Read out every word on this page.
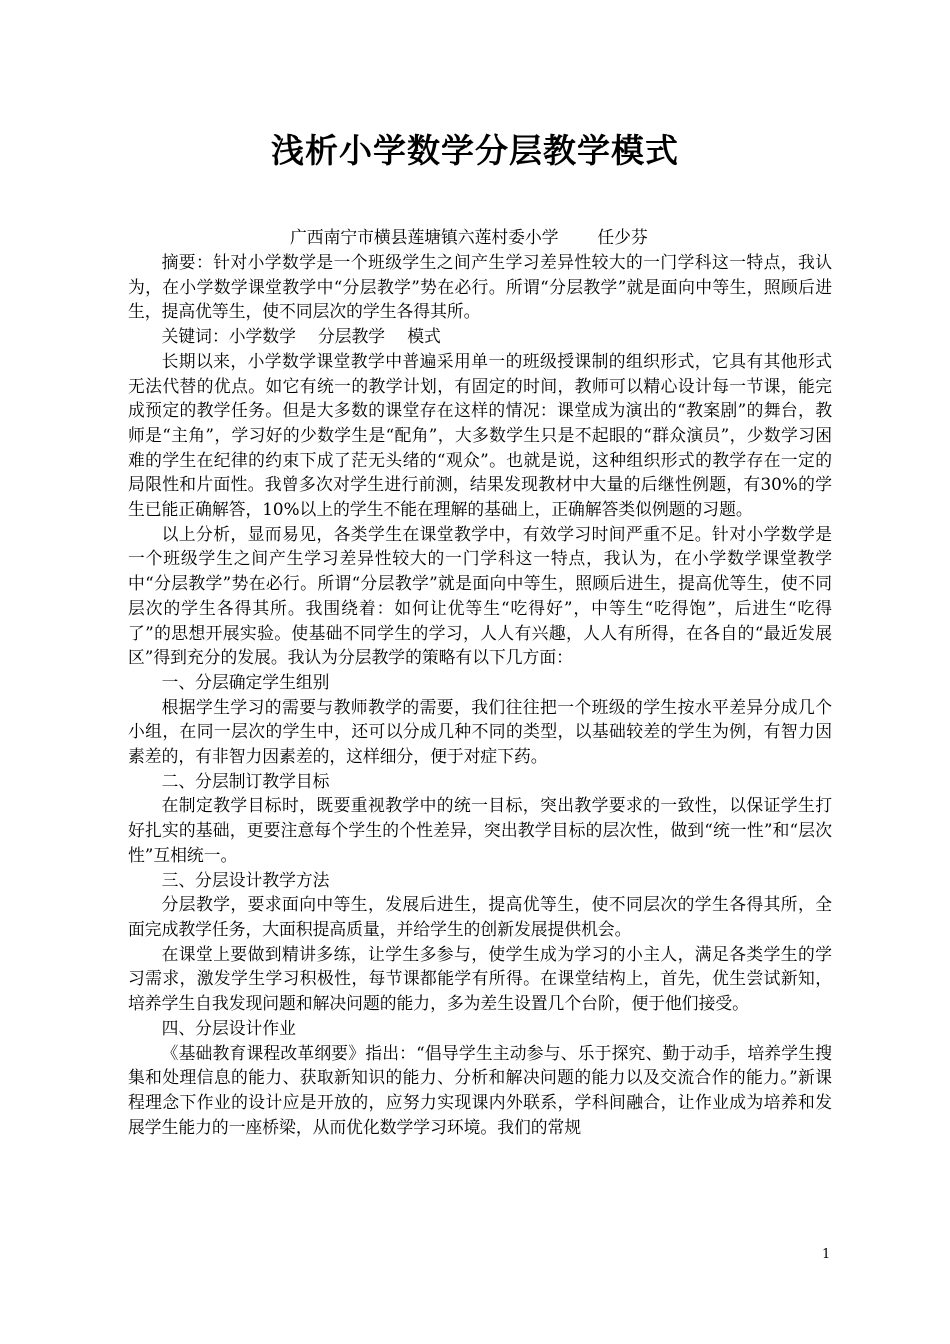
浅析小学数学分层教学模式
广西南宁市横县莲塘镇六莲村委小学　　 任少芬

摘要：针对小学数学是一个班级学生之间产生学习差异性较大的一门学科这一特点，我认为，在小学数学课堂教学中“分层教学”势在必行。所谓“分层教学”就是面向中等生，照顾后进生，提高优等生，使不同层次的学生各得其所。

关键词：小学数学　 分层教学　 模式

长期以来，小学数学课堂教学中普遍采用单一的班级授课制的组织形式，它具有其他形式无法代替的优点。如它有统一的教学计划，有固定的时间，教师可以精心设计每一节课，能完成预定的教学任务。但是大多数的课堂存在这样的情况：课堂成为演出的“教案剧”的舞台，教师是“主角”，学习好的少数学生是“配角”，大多数学生只是不起眼的“群众演员”，少数学习困难的学生在纪律的约束下成了茫无头绪的“观众”。也就是说，这种组织形式的教学存在一定的局限性和片面性。我曾多次对学生进行前测，结果发现教材中大量的后继性例题，有30%的学生已能正确解答，10%以上的学生不能在理解的基础上，正确解答类似例题的习题。

以上分析，显而易见，各类学生在课堂教学中，有效学习时间严重不足。针对小学数学是一个班级学生之间产生学习差异性较大的一门学科这一特点，我认为，在小学数学课堂教学中“分层教学”势在必行。所谓“分层教学”就是面向中等生，照顾后进生，提高优等生，使不同层次的学生各得其所。我围绕着：如何让优等生“吃得好”，中等生“吃得饱”，后进生“吃得了”的思想开展实验。使基础不同学生的学习，人人有兴趣，人人有所得，在各自的“最近发展区”得到充分的发展。我认为分层教学的策略有以下几方面：

一、分层确定学生组别

根据学生学习的需要与教师教学的需要，我们往往把一个班级的学生按水平差异分成几个小组，在同一层次的学生中，还可以分成几种不同的类型，以基础较差的学生为例，有智力因素差的，有非智力因素差的，这样细分，便于对症下药。

二、分层制订教学目标

在制定教学目标时，既要重视教学中的统一目标，突出教学要求的一致性，以保证学生打好扎实的基础，更要注意每个学生的个性差异，突出教学目标的层次性，做到“统一性”和“层次性”互相统一。

三、分层设计教学方法

分层教学，要求面向中等生，发展后进生，提高优等生，使不同层次的学生各得其所，全面完成教学任务，大面积提高质量，并给学生的创新发展提供机会。

在课堂上要做到精讲多练，让学生多参与，使学生成为学习的小主人，满足各类学生的学习需求，激发学生学习积极性，每节课都能学有所得。在课堂结构上，首先，优生尝试新知，培养学生自我发现问题和解决问题的能力，多为差生设置几个台阶，便于他们接受。

四、分层设计作业

《基础教育课程改革纲要》指出：“倡导学生主动参与、乐于探究、勤于动手，培养学生搜集和处理信息的能力、获取新知识的能力、分析和解决问题的能力以及交流合作的能力。”新课程理念下作业的设计应是开放的，应努力实现课内外联系，学科间融合，让作业成为培养和发展学生能力的一座桥梁，从而优化数学学习环境。我们的常规

1
